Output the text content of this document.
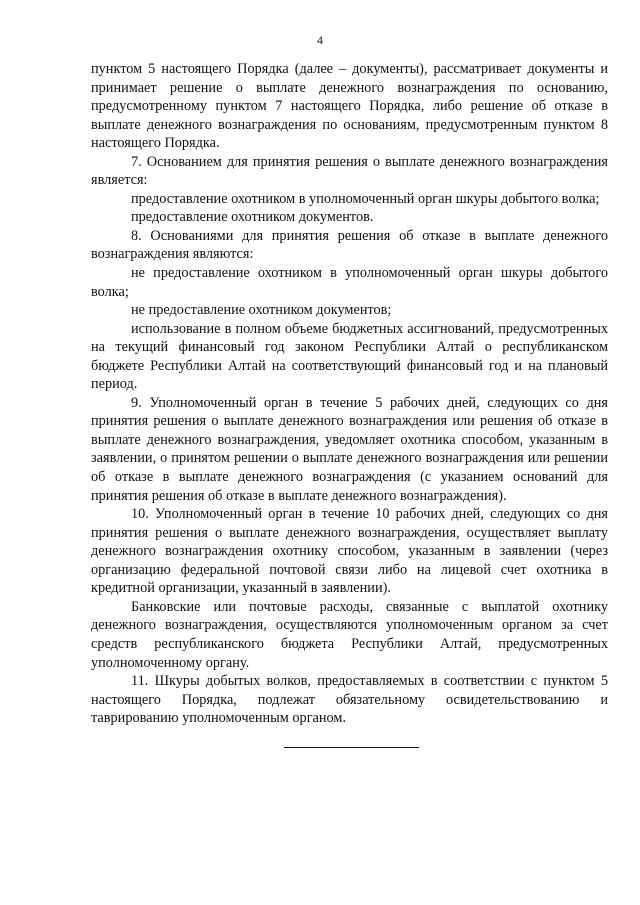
4

пунктом 5 настоящего Порядка (далее – документы), рассматривает документы и принимает решение о выплате денежного вознаграждения по основанию, предусмотренному пунктом 7 настоящего Порядка, либо решение об отказе в выплате денежного вознаграждения по основаниям, предусмотренным пунктом 8 настоящего Порядка.

7. Основанием для принятия решения о выплате денежного вознаграждения является:

предоставление охотником в уполномоченный орган шкуры добытого волка;

предоставление охотником документов.

8. Основаниями для принятия решения об отказе в выплате денежного вознаграждения являются:

не предоставление охотником в уполномоченный орган шкуры добытого волка;

не предоставление охотником документов;

использование в полном объеме бюджетных ассигнований, предусмотренных на текущий финансовый год законом Республики Алтай о республиканском бюджете Республики Алтай на соответствующий финансовый год и на плановый период.

9. Уполномоченный орган в течение 5 рабочих дней, следующих со дня принятия решения о выплате денежного вознаграждения или решения об отказе в выплате денежного вознаграждения, уведомляет охотника способом, указанным в заявлении, о принятом решении о выплате денежного вознаграждения или решении об отказе в выплате денежного вознаграждения (с указанием оснований для принятия решения об отказе в выплате денежного вознаграждения).

10. Уполномоченный орган в течение 10 рабочих дней, следующих со дня принятия решения о выплате денежного вознаграждения, осуществляет выплату денежного вознаграждения охотнику способом, указанным в заявлении (через организацию федеральной почтовой связи либо на лицевой счет охотника в кредитной организации, указанный в заявлении).

Банковские или почтовые расходы, связанные с выплатой охотнику денежного вознаграждения, осуществляются уполномоченным органом за счет средств республиканского бюджета Республики Алтай, предусмотренных уполномоченному органу.

11. Шкуры добытых волков, предоставляемых в соответствии с пунктом 5 настоящего Порядка, подлежат обязательному освидетельствованию и таврированию уполномоченным органом.
